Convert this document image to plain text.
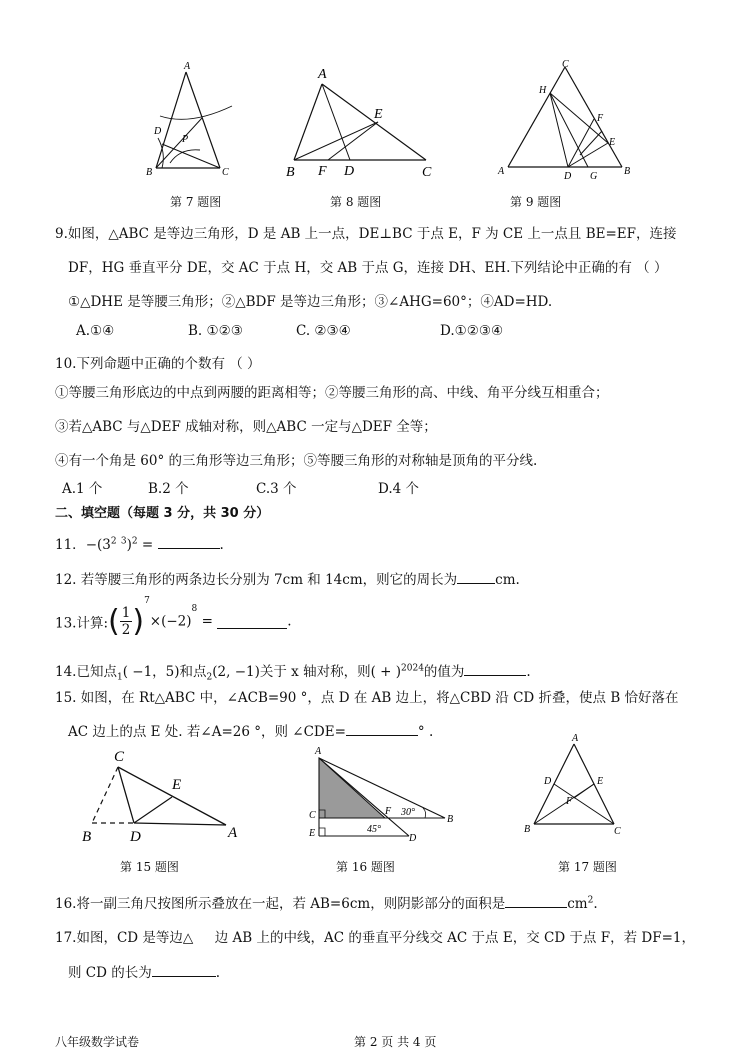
A
B	C
D
P
第 7 题图
A
B	C
D
E
F
第 8 题图
C
H
A	B
D G
F
E
第 9 题图
9.如图，△ABC 是等边三角形，D 是 AB 上一点，DE⊥BC 于点 E，F 为 CE 上一点且 BE=EF，连接
DF，HG 垂直平分 DE，交 AC 于点 H，交 AB 于点 G，连接 DH、EH.下列结论中正确的有 （ ）
①△DHE 是等腰三角形；②△BDF 是等边三角形；③∠AHG=60°；④AD=HD.
A.①④	B. ①②③	C. ②③④	D.①②③④
10.下列命题中正确的个数有 （ ）
①等腰三角形底边的中点到两腰的距离相等；②等腰三角形的高、中线、角平分线互相重合；
③若△ABC 与△DEF 成轴对称，则△ABC 一定与△DEF 全等；
④有一个角是 60° 的三角形等边三角形；⑤等腰三角形的对称轴是顶角的平分线.
A.1 个	B.2 个	C.3 个	D.4 个
二、填空题（每题 3 分，共 30 分）
11．$-(3^2$ $^3$)$^2$ =	.
12. 若等腰三角形的两条边长分别为 7cm 和 14cm，则它的周长为	cm.
13.计算:( $\frac{1}{2} )^7\times(-2)^8$ =	.
14.已知点$_1$( −1，5)和点$_2$(2, −1)关于 x 轴对称，则( + )$^{2024}$的值为	.
15. 如图，在 Rt△ABC 中，∠ACB=90 °，点 D 在 AB 边上，将△CBD 沿 CD 折叠，使点 B 恰好落在
AC 边上的点 E 处. 若∠A=26 °，则 ∠CDE=	° .
C
B	D	A
E
第 15 题图
A
C
E
B
D
F 30°
45°
第 16 题图
A
B	C
D	E
F
第 17 题图
16.将一副三角尺按图所示叠放在一起，若 AB=6cm，则阴影部分的面积是	$cm^2$.
17.如图，CD 是等边△ 边 AB 上的中线，AC 的垂直平分线交 AC 于点 E，交 CD 于点 F，若 DF=1，
则 CD 的长为	.
八年级数学试卷	第 2 页 共 4 页
